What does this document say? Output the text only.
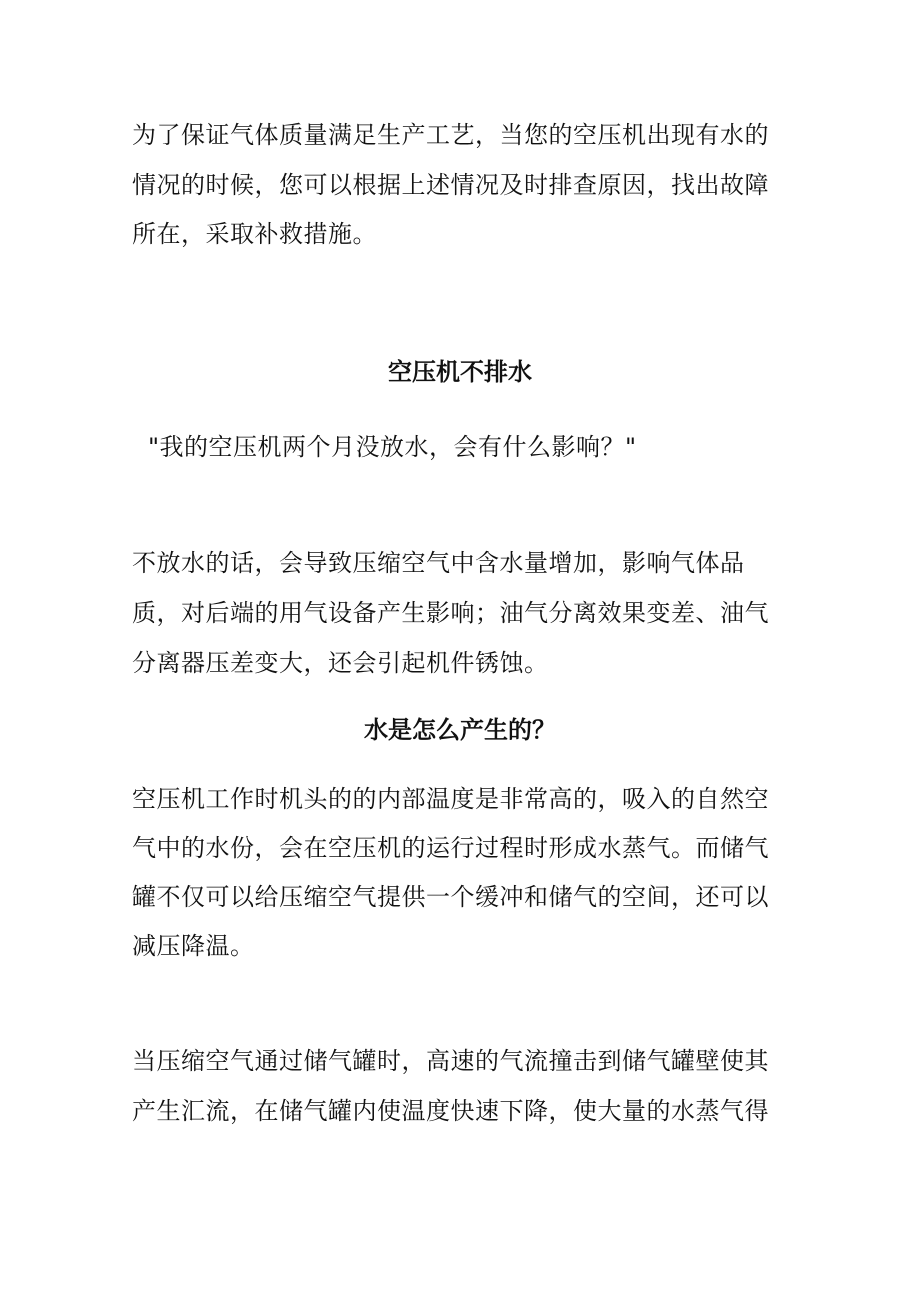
为了保证气体质量满足生产工艺，当您的空压机出现有水的
情况的时候，您可以根据上述情况及时排查原因，找出故障
所在，采取补救措施。
空压机不排水
"我的空压机两个月没放水，会有什么影响？"
不放水的话，会导致压缩空气中含水量增加，影响气体品
质，对后端的用气设备产生影响；油气分离效果变差、油气
分离器压差变大，还会引起机件锈蚀。
水是怎么产生的？
空压机工作时机头的的内部温度是非常高的，吸入的自然空
气中的水份，会在空压机的运行过程时形成水蒸气。而储气
罐不仅可以给压缩空气提供一个缓冲和储气的空间，还可以
减压降温。
当压缩空气通过储气罐时，高速的气流撞击到储气罐壁使其
产生汇流，在储气罐内使温度快速下降，使大量的水蒸气得
